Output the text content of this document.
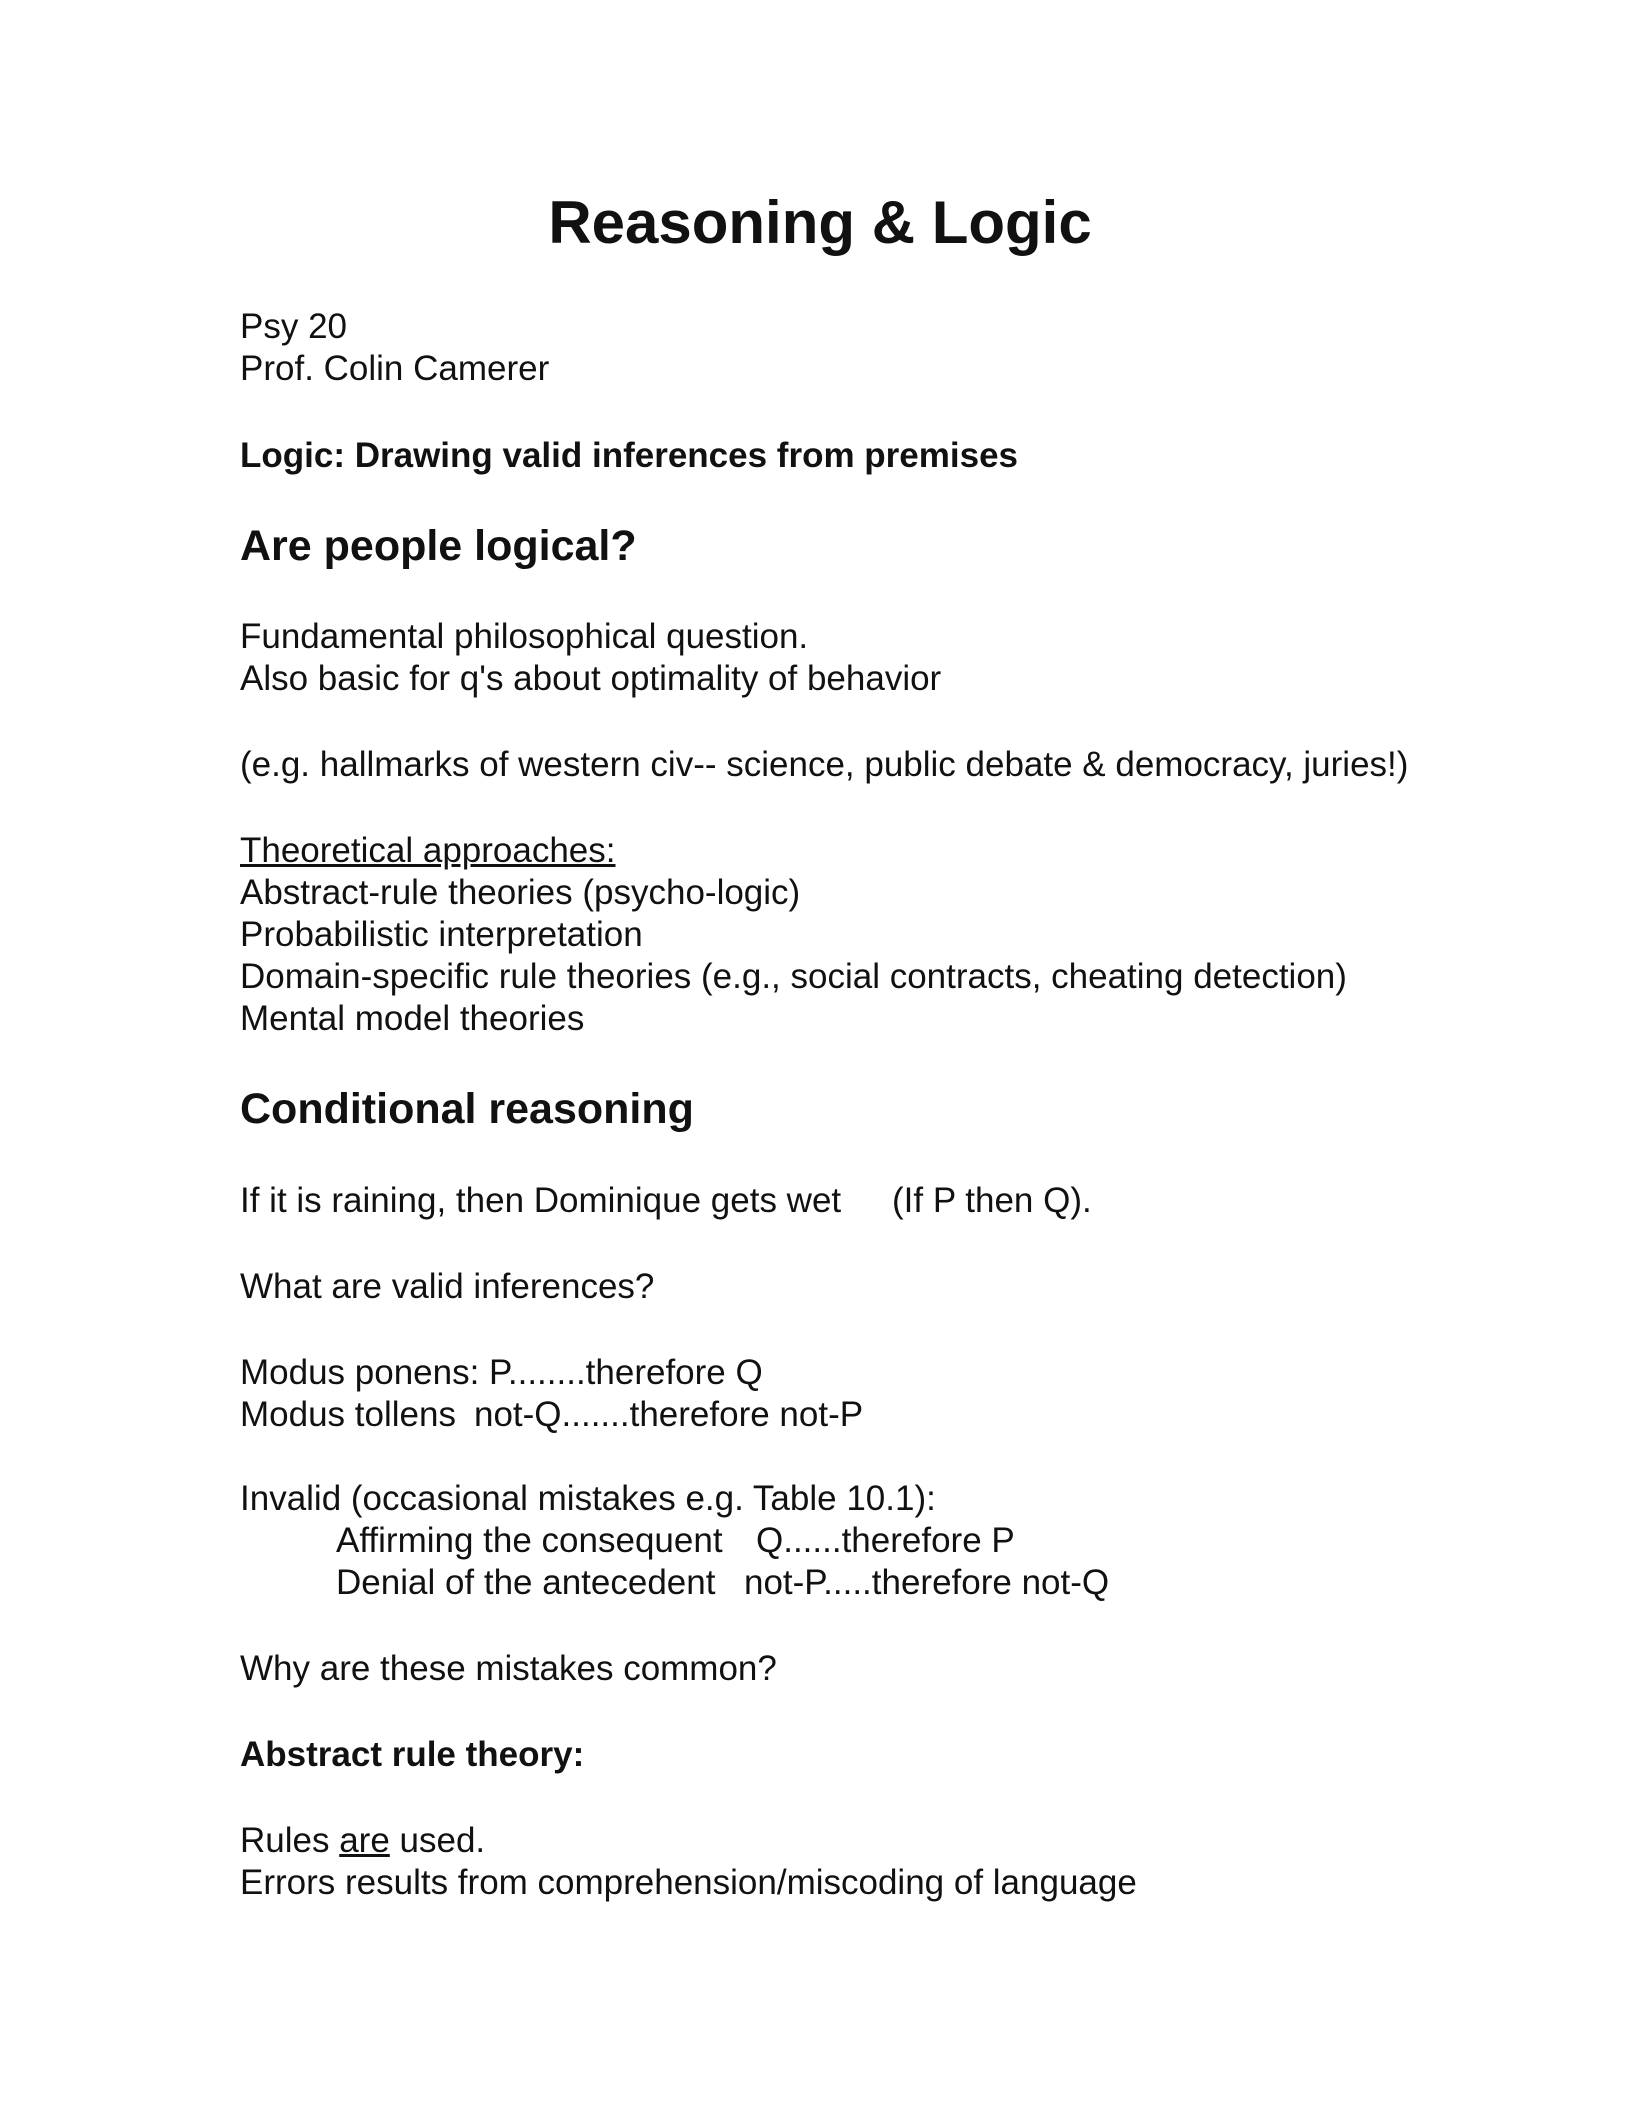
Reasoning & Logic

Psy 20

Prof. Colin Camerer

Logic: Drawing valid inferences from premises

Are people logical?

Fundamental philosophical question.

Also basic for q's about optimality of behavior

(e.g. hallmarks of western civ-- science, public debate & democracy, juries!)

Theoretical approaches:

Abstract-rule theories (psycho-logic)

Probabilistic interpretation

Domain-specific rule theories (e.g., social contracts, cheating detection)

Mental model theories

Conditional reasoning

If it is raining, then Dominique gets wet (If P then Q).

What are valid inferences?

Modus ponens: P........therefore Q

Modus tollens not-Q.......therefore not-P

Invalid (occasional mistakes e.g. Table 10.1):

Affirming the consequent Q......therefore P

Denial of the antecedent not-P.....therefore not-Q

Why are these mistakes common?

Abstract rule theory:

Rules are used.

Errors results from comprehension/miscoding of language
